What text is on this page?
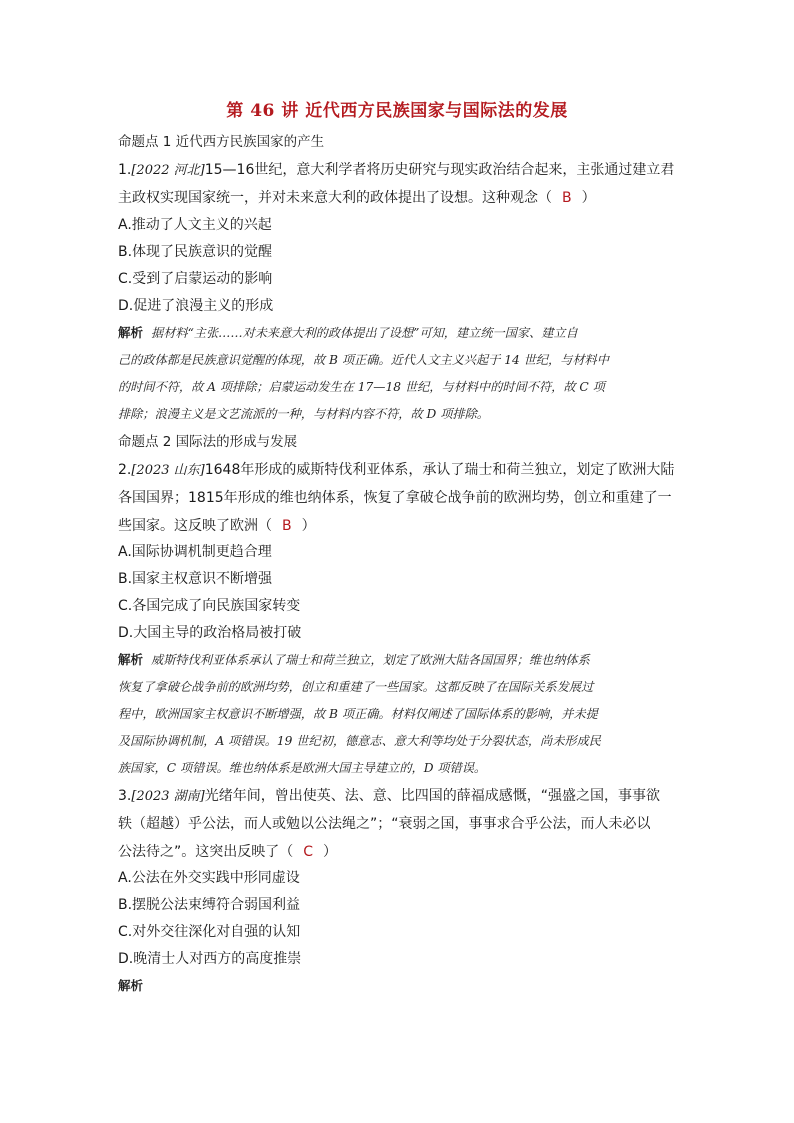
第 46 讲 近代西方民族国家与国际法的发展
命题点 1 近代西方民族国家的产生
1.[2022 河北]15—16世纪，意大利学者将历史研究与现实政治结合起来，主张通过建立君
主政权实现国家统一，并对未来意大利的政体提出了设想。这种观念（ B ）
A.推动了人文主义的兴起
B.体现了民族意识的觉醒
C.受到了启蒙运动的影响
D.促进了浪漫主义的形成
解析 据材料“主张……对未来意大利的政体提出了设想”可知，建立统一国家、建立自
己的政体都是民族意识觉醒的体现，故 B 项正确。近代人文主义兴起于 14 世纪，与材料中
的时间不符，故 A 项排除；启蒙运动发生在 17—18 世纪，与材料中的时间不符，故 C 项
排除；浪漫主义是文艺流派的一种，与材料内容不符，故 D 项排除。
命题点 2 国际法的形成与发展
2.[2023 山东]1648年形成的威斯特伐利亚体系，承认了瑞士和荷兰独立，划定了欧洲大陆
各国国界；1815年形成的维也纳体系，恢复了拿破仑战争前的欧洲均势，创立和重建了一
些国家。这反映了欧洲（ B ）
A.国际协调机制更趋合理
B.国家主权意识不断增强
C.各国完成了向民族国家转变
D.大国主导的政治格局被打破
解析 威斯特伐利亚体系承认了瑞士和荷兰独立，划定了欧洲大陆各国国界；维也纳体系
恢复了拿破仑战争前的欧洲均势，创立和重建了一些国家。这都反映了在国际关系发展过
程中，欧洲国家主权意识不断增强，故 B 项正确。材料仅阐述了国际体系的影响，并未提
及国际协调机制，A 项错误。19 世纪初，德意志、意大利等均处于分裂状态，尚未形成民
族国家，C 项错误。维也纳体系是欧洲大国主导建立的，D 项错误。
3.[2023 湖南]光绪年间，曾出使英、法、意、比四国的薛福成感慨，“强盛之国，事事欲
轶（超越）乎公法，而人或勉以公法绳之”；“衰弱之国，事事求合乎公法，而人未必以
公法待之”。这突出反映了（ C ）
A.公法在外交实践中形同虚设
B.摆脱公法束缚符合弱国利益
C.对外交往深化对自强的认知
D.晚清士人对西方的高度推崇
解析
